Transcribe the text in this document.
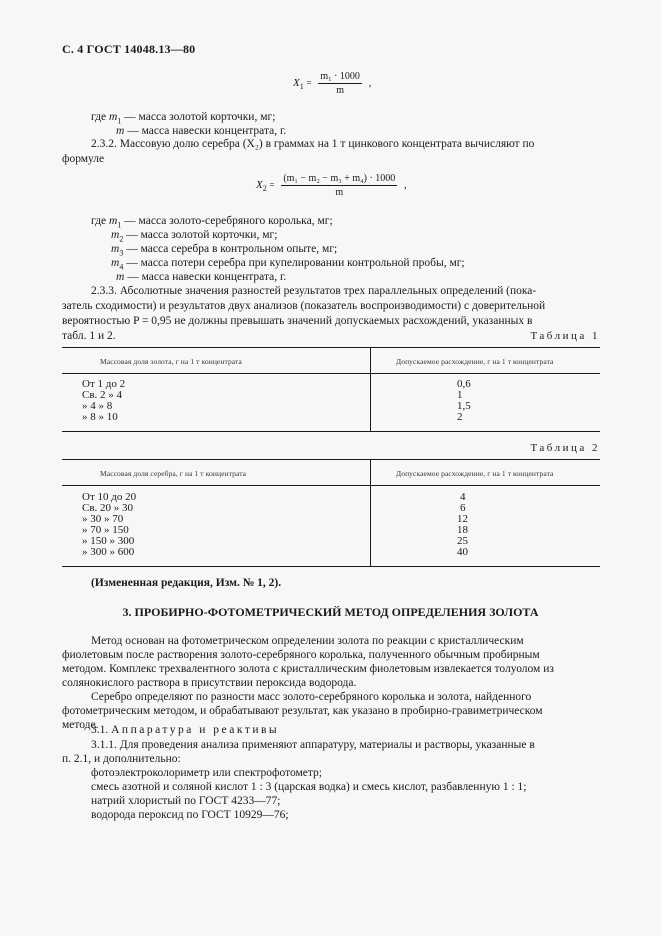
С. 4 ГОСТ 14048.13—80
$X_1 = \frac{\text{m₁ · 1000}}{m}$ ,
где $m_1$ — масса золотой корточки, мг;
m — масса навески концентрата, г.
2.3.2. Массовую долю серебра (X₂) в граммах на 1 т цинкового концентрата вычисляют по
формуле
$X_2 = \frac{\text{(m₁ − m₂ − m₃ + m₄) · 1000}}{m}$ ,
где $m_1$ — масса золото-серебряного королька, мг;
$m_2$ — масса золотой корточки, мг;
$m_3$ — масса серебра в контрольном опыте, мг;
$m_4$ — масса потери серебра при купелировании контрольной пробы, мг;
m — масса навески концентрата, г.
2.3.3. Абсолютные значения разностей результатов трех параллельных определений (пока-
затель сходимости) и результатов двух анализов (показатель воспроизводимости) с доверительной
вероятностью P = 0,95 не должны превышать значений допускаемых расхождений, указанных в
табл. 1 и 2.	Таблица 1
Массовая доля золота, г на 1 т концентрата	Допускаемое расхождение, г на 1 т концентрата
От 1 до 2	0,6
Св. 2 » 4	1
» 4 » 8	1,5
» 8 » 10	2
Таблица 2
Массовая доля серебра, г на 1 т концентрата	Допускаемое расхождение, г на 1 т концентрата
От 10 до 20	4
Св. 20 » 30	6
» 30 » 70	12
» 70 » 150	18
» 150 » 300	25
» 300 » 600	40
(Измененная редакция, Изм. № 1, 2).
3. ПРОБИРНО-ФОТОМЕТРИЧЕСКИЙ МЕТОД ОПРЕДЕЛЕНИЯ ЗОЛОТА
Метод основан на фотометрическом определении золота по реакции с кристаллическим
фиолетовым после растворения золото-серебряного королька, полученного обычным пробирным
методом. Комплекс трехвалентного золота с кристаллическим фиолетовым извлекается толуолом из
солянокислого раствора в присутствии пероксида водорода.
Серебро определяют по разности масс золото-серебряного королька и золота, найденного
фотометрическим методом, и обрабатывают результат, как указано в пробирно-гравиметрическом
методе.
3.1. Аппаратура и реактивы
3.1.1. Для проведения анализа применяют аппаратуру, материалы и растворы, указанные в
п. 2.1, и дополнительно:
фотоэлектроколориметр или спектрофотометр;
смесь азотной и соляной кислот 1 : 3 (царская водка) и смесь кислот, разбавленную 1 : 1;
натрий хлористый по ГОСТ 4233—77;
водорода пероксид по ГОСТ 10929—76;
